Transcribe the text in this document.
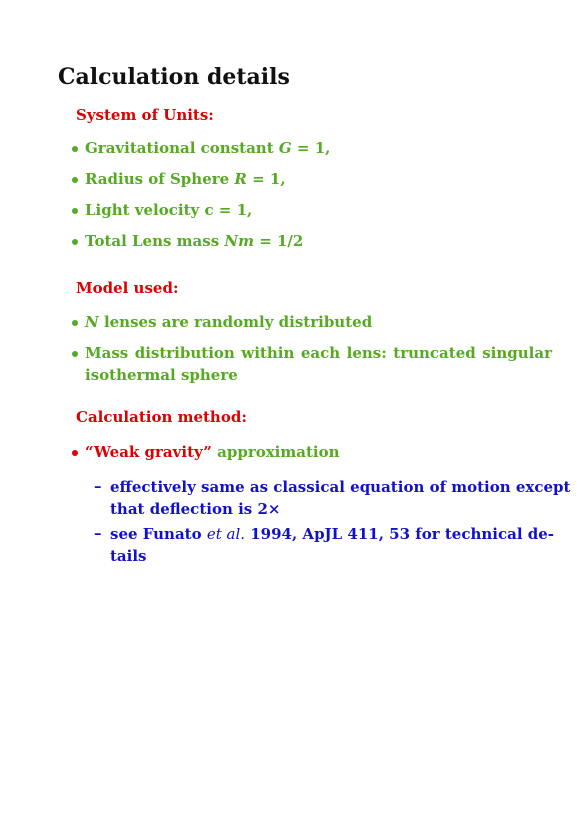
Calculation details
System of Units:
Gravitational constant G = 1,
Radius of Sphere R = 1,
Light velocity c = 1,
Total Lens mass Nm = 1/2
Model used:
N lenses are randomly distributed
Mass distribution within each lens: truncated singular
isothermal sphere
Calculation method:
“Weak gravity” approximation
– effectively same as classical equation of motion except
that deflection is 2×
– see Funato et al. 1994, ApJL 411, 53 for technical de-
tails
